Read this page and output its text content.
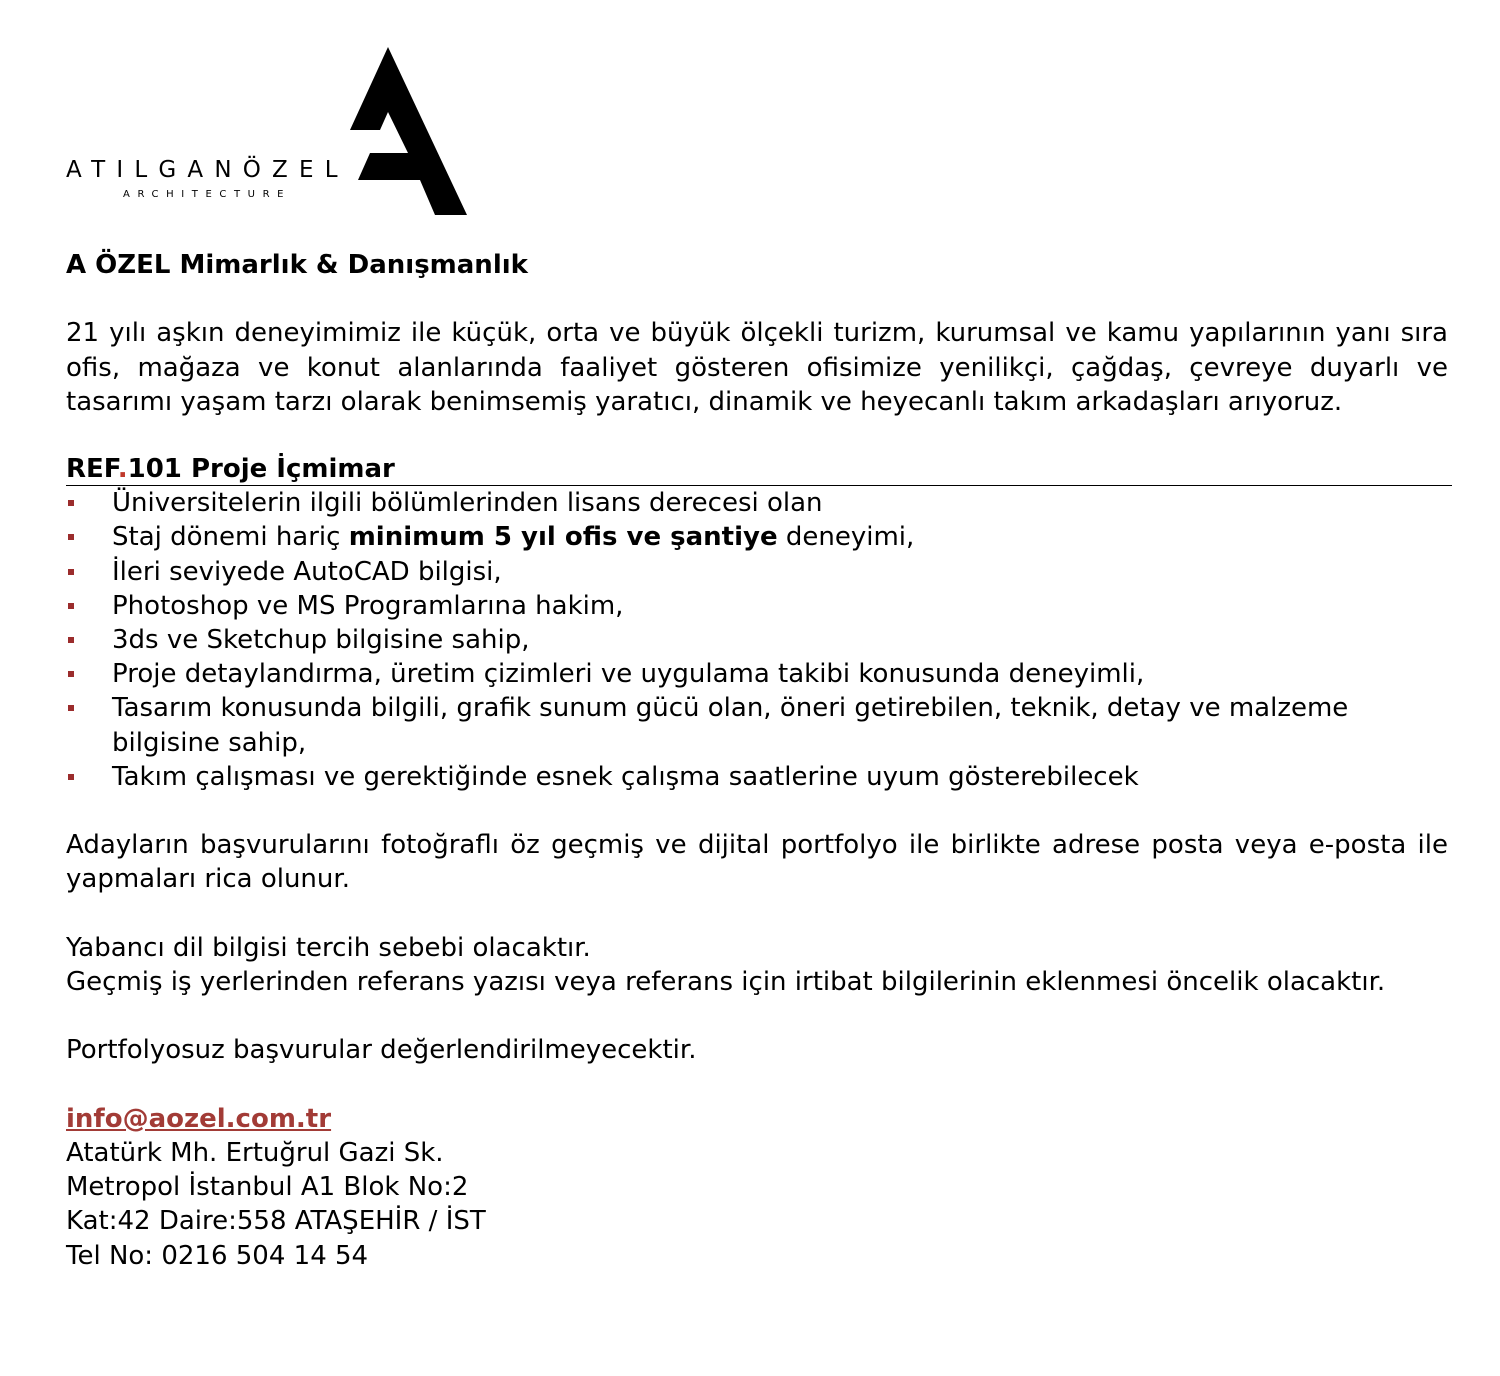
ATILGANÖZEL
ARCHITECTURE
A ÖZEL Mimarlık & Danışmanlık
21 yılı aşkın deneyimimiz ile küçük, orta ve büyük ölçekli turizm, kurumsal ve kamu yapılarının yanı sıra ofis, mağaza ve konut alanlarında faaliyet gösteren ofisimize yenilikçi, çağdaş, çevreye duyarlı ve tasarımı yaşam tarzı olarak benimsemiş yaratıcı, dinamik ve heyecanlı takım arkadaşları arıyoruz.
REF.101 Proje İçmimar
Üniversitelerin ilgili bölümlerinden lisans derecesi olan
Staj dönemi hariç minimum 5 yıl ofis ve şantiye deneyimi,
İleri seviyede AutoCAD bilgisi,
Photoshop ve MS Programlarına hakim,
3ds ve Sketchup bilgisine sahip,
Proje detaylandırma, üretim çizimleri ve uygulama takibi konusunda deneyimli,
Tasarım konusunda bilgili, grafik sunum gücü olan, öneri getirebilen, teknik, detay ve malzeme bilgisine sahip,
Takım çalışması ve gerektiğinde esnek çalışma saatlerine uyum gösterebilecek
Adayların başvurularını fotoğraflı öz geçmiş ve dijital portfolyo ile birlikte adrese posta veya e-posta ile yapmaları rica olunur.
Yabancı dil bilgisi tercih sebebi olacaktır.
Geçmiş iş yerlerinden referans yazısı veya referans için irtibat bilgilerinin eklenmesi öncelik olacaktır.
Portfolyosuz başvurular değerlendirilmeyecektir.
info@aozel.com.tr
Atatürk Mh. Ertuğrul Gazi Sk.
Metropol İstanbul A1 Blok No:2
Kat:42 Daire:558 ATAŞEHİR / İST
Tel No: 0216 504 14 54
